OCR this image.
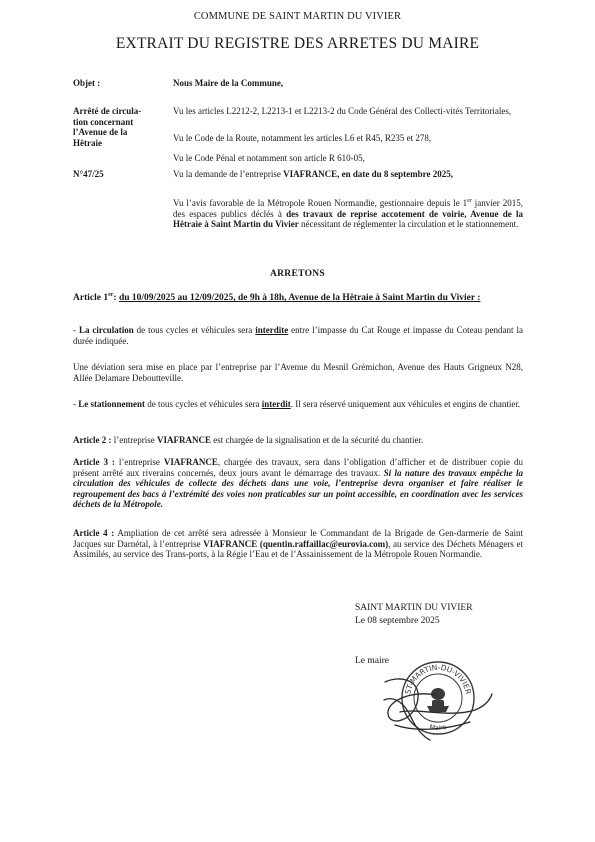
COMMUNE DE SAINT MARTIN DU VIVIER
EXTRAIT DU REGISTRE DES ARRETES DU MAIRE
Objet :
Arrêté de circula-
tion concernant
l’Avenue de la
Hêtraie
N°47/25

Nous Maire de la Commune,

Vu les articles L2212-2, L2213-1 et L2213-2 du Code Général des Collecti-vités Territoriales,

Vu le Code de la Route, notamment les articles L6 et R45, R235 et 278,

Vu le Code Pénal et notamment son article R 610-05,

Vu la demande de l’entreprise VIAFRANCE, en date du 8 septembre 2025,

Vu l’avis favorable de la Métropole Rouen Normandie, gestionnaire depuis le 1er janvier 2015, des espaces publics déclés à des travaux de reprise accotement de voirie, Avenue de la Hêtraie à Saint Martin du Vivier nécessitant de réglementer la circulation et le stationnement.

ARRETONS

Article 1er: du 10/09/2025 au 12/09/2025, de 9h à 18h, Avenue de la Hêtraie à Saint Martin du Vivier :

- La circulation de tous cycles et véhicules sera interdite entre l’impasse du Cat Rouge et impasse du Coteau pendant la durée indiquée.

Une déviation sera mise en place par l’entreprise par l’Avenue du Mesnil Grémichon, Avenue des Hauts Grigneux N28, Allée Delamare Deboutteville.

- Le stationnement de tous cycles et véhicules sera interdit. Il sera réservé uniquement aux véhicules et engins de chantier.

Article 2 : l’entreprise VIAFRANCE est chargée de la signalisation et de la sécurité du chantier.

Article 3 : l’entreprise VIAFRANCE, chargée des travaux, sera dans l’obligation d’afficher et de distribuer copie du présent arrêté aux riverains concernés, deux jours avant le démarrage des travaux. Si la nature des travaux empêche la circulation des véhicules de collecte des déchets dans une voie, l’entreprise devra organiser et faire réaliser le regroupement des bacs à l’extrémité des voies non praticables sur un point accessible, en coordination avec les services déchets de la Métropole.

Article 4 : Ampliation de cet arrêté sera adressée à Monsieur le Commandant de la Brigade de Gen-darmerie de Saint Jacques sur Darnétal, à l’entreprise VIAFRANCE (quentin.raffaillac@eurovia.com), au service des Déchets Ménagers et Assimilés, au service des Trans-ports, à la Régie l’Eau et de l’Assainissement de la Métropole Rouen Normandie.

SAINT MARTIN DU VIVIER
Le 08 septembre 2025
Le maire
ST-MARTIN-DU-VIVIER
Maire
